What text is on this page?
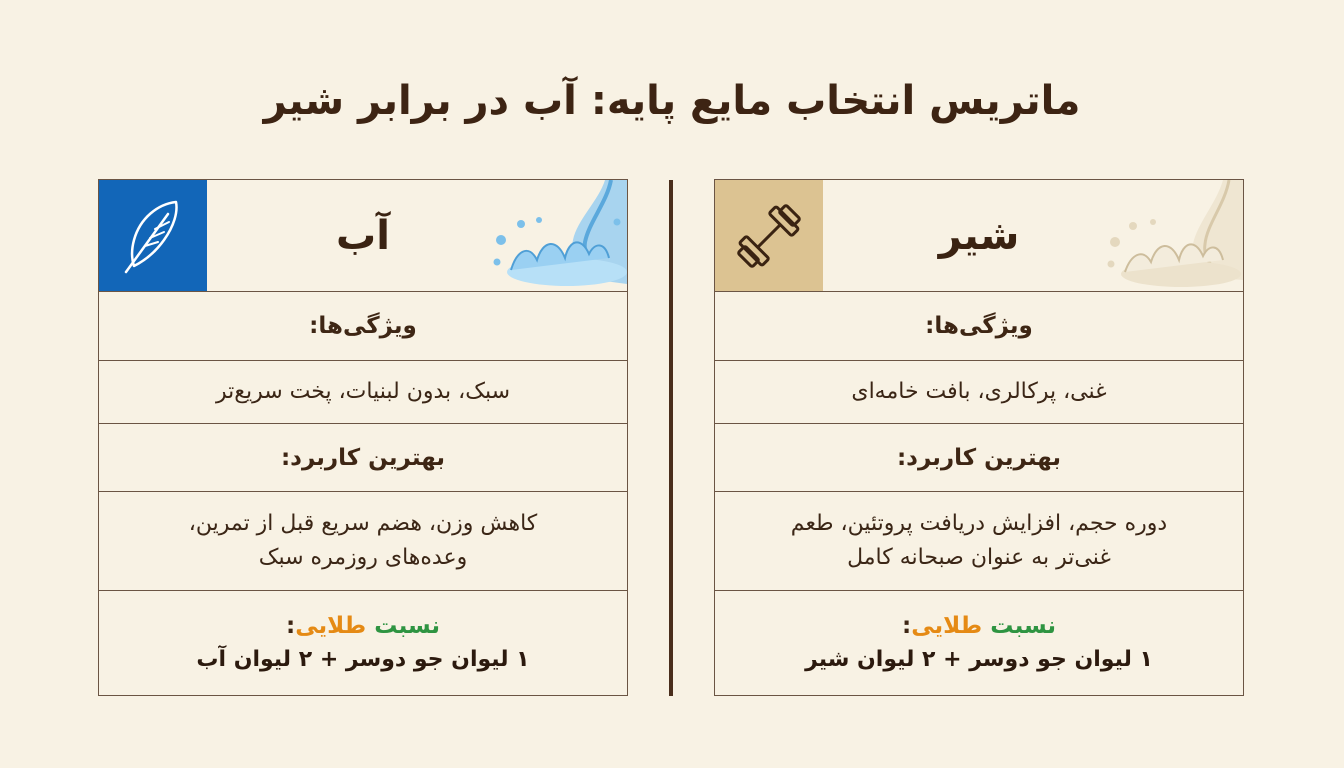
ماتریس انتخاب مایع پایه: آب در برابر شیر
آب
ویژگی‌ها:
سبک، بدون لبنیات، پخت سریع‌تر
بهترین کاربرد:
کاهش وزن، هضم سریع قبل از تمرین،
وعده‌های روزمره سبک
نسبت طلایی:
۱ لیوان جو دوسر + ۲ لیوان آب
شیر
ویژگی‌ها:
غنی، پرکالری، بافت خامه‌ای
بهترین کاربرد:
دوره حجم، افزایش دریافت پروتئین، طعم
غنی‌تر به عنوان صبحانه کامل
نسبت طلایی:
۱ لیوان جو دوسر + ۲ لیوان شیر
